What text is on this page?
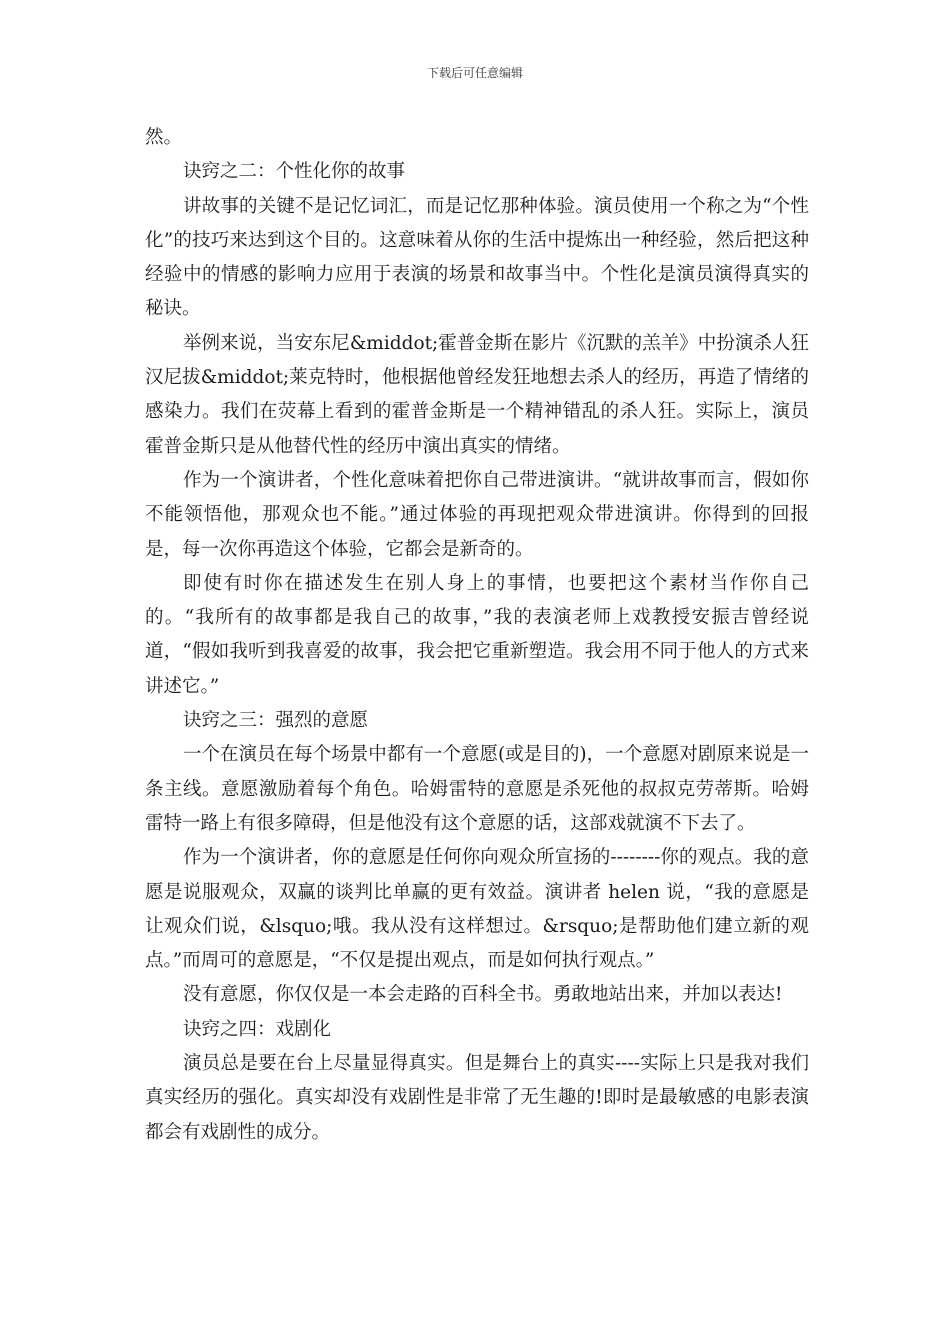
下载后可任意编辑

然。

诀窍之二：个性化你的故事

讲故事的关键不是记忆词汇，而是记忆那种体验。演员使用一个称之为“个性化”的技巧来达到这个目的。这意味着从你的生活中提炼出一种经验，然后把这种经验中的情感的影响力应用于表演的场景和故事当中。个性化是演员演得真实的秘诀。

举例来说，当安东尼&middot;霍普金斯在影片《沉默的羔羊》中扮演杀人狂汉尼拔&middot;莱克特时，他根据他曾经发狂地想去杀人的经历，再造了情绪的感染力。我们在荧幕上看到的霍普金斯是一个精神错乱的杀人狂。实际上，演员霍普金斯只是从他替代性的经历中演出真实的情绪。

作为一个演讲者，个性化意味着把你自己带进演讲。“就讲故事而言，假如你不能领悟他，那观众也不能。”通过体验的再现把观众带进演讲。你得到的回报是，每一次你再造这个体验，它都会是新奇的。

即使有时你在描述发生在别人身上的事情，也要把这个素材当作你自己的。“我所有的故事都是我自己的故事，”我的表演老师上戏教授安振吉曾经说道，“假如我听到我喜爱的故事，我会把它重新塑造。我会用不同于他人的方式来讲述它。”

诀窍之三：强烈的意愿

一个在演员在每个场景中都有一个意愿(或是目的)，一个意愿对剧原来说是一条主线。意愿激励着每个角色。哈姆雷特的意愿是杀死他的叔叔克劳蒂斯。哈姆雷特一路上有很多障碍，但是他没有这个意愿的话，这部戏就演不下去了。

作为一个演讲者，你的意愿是任何你向观众所宣扬的--------你的观点。我的意愿是说服观众，双赢的谈判比单赢的更有效益。演讲者 helen 说，“我的意愿是让观众们说，&lsquo;哦。我从没有这样想过。&rsquo;是帮助他们建立新的观点。”而周可的意愿是，“不仅是提出观点，而是如何执行观点。”

没有意愿，你仅仅是一本会走路的百科全书。勇敢地站出来，并加以表达!

诀窍之四：戏剧化

演员总是要在台上尽量显得真实。但是舞台上的真实----实际上只是我对我们真实经历的强化。真实却没有戏剧性是非常了无生趣的!即时是最敏感的电影表演都会有戏剧性的成分。
